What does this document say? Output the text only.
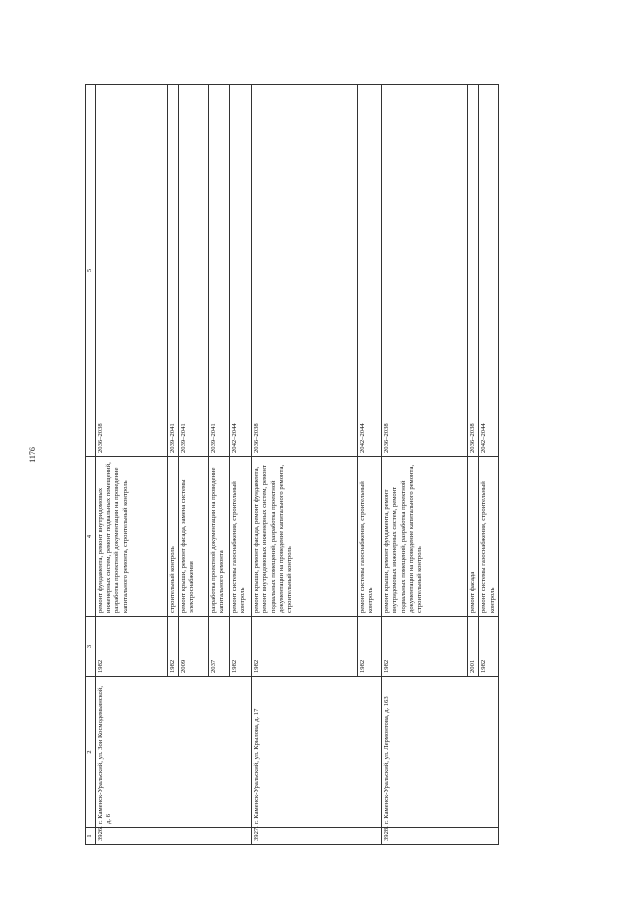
1176
1	2	3	4	5
3926.	г. Каменск-Уральский, ул. Зои Космодемьянской, д. 6	1982	ремонт фундамента, ремонт внутридомовых инженерных систем, ремонт подвальных помещений, разработка проектной документации на проведение капитального ремонта, строительный контроль	2036–2038
		1982	строительный контроль	2039–2041
		2009	ремонт крыши, ремонт фасада, замена системы электроснабжения	2039–2041
		2037	разработка проектной документации на проведение капитального ремонта	2039–2041
		1982	ремонт системы газоснабжения, строительный контроль	2042–2044
3927.	г. Каменск-Уральский, ул. Крылова, д. 17	1982	ремонт крыши, ремонт фасада, ремонт фундамента, ремонт внутридомовых инженерных систем, ремонт подвальных помещений, разработка проектной документации на проведение капитального ремонта, строительный контроль	2036–2038
		1982	ремонт системы газоснабжения, строительный контроль	2042–2044
3928.	г. Каменск-Уральский, ул. Лермонтова, д. 163	1982	ремонт крыши, ремонт фундамента, ремонт внутридомовых инженерных систем, ремонт подвальных помещений, разработка проектной документации на проведение капитального ремонта, строительный контроль	2036–2038
		2001	ремонт фасада	2036–2038
		1982	ремонт системы газоснабжения, строительный контроль	2042–2044
